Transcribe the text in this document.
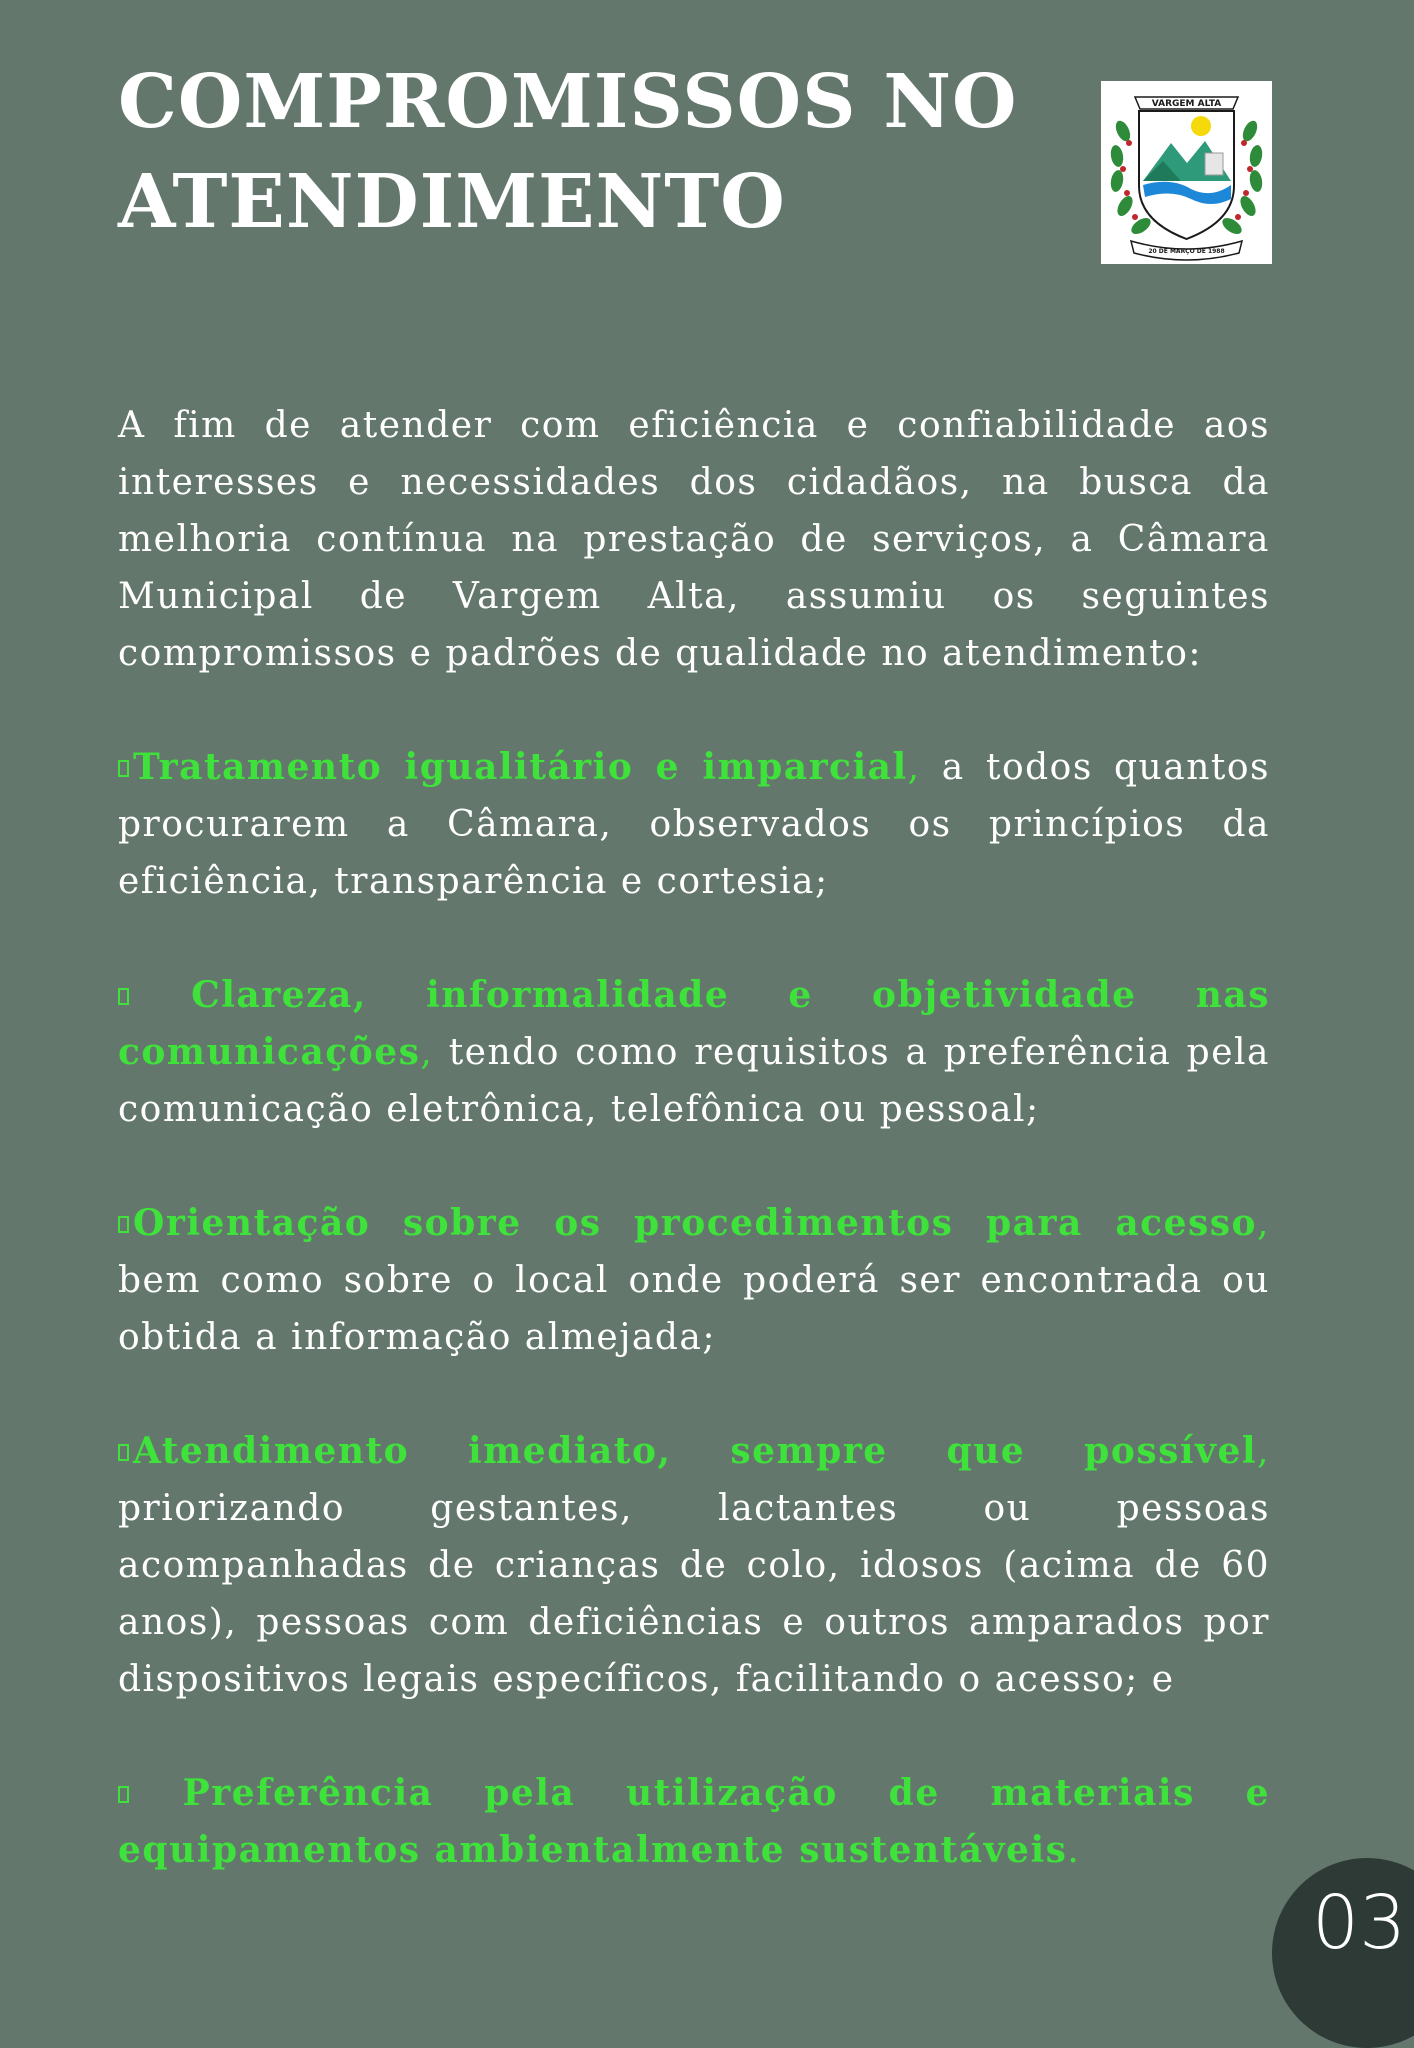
COMPROMISSOS NO
ATENDIMENTO
VARGEM ALTA
20 DE MARÇO DE 1988

A fim de atender com eficiência e confiabilidade aos interesses e necessidades dos cidadãos, na busca da melhoria contínua na prestação de serviços, a Câmara Municipal de Vargem Alta, assumiu os seguintes compromissos e padrões de qualidade no atendimento:

Tratamento igualitário e imparcial, a todos quantos procurarem a Câmara, observados os princípios da eficiência, transparência e cortesia;

Clareza, informalidade e objetividade nas comunicações, tendo como requisitos a preferência pela comunicação eletrônica, telefônica ou pessoal;

Orientação sobre os procedimentos para acesso, bem como sobre o local onde poderá ser encontrada ou obtida a informação almejada;

Atendimento imediato, sempre que possível, priorizando gestantes, lactantes ou pessoas acompanhadas de crianças de colo, idosos (acima de 60 anos), pessoas com deficiências e outros amparados por dispositivos legais específicos, facilitando o acesso; e

Preferência pela utilização de materiais e equipamentos ambientalmente sustentáveis.

03
